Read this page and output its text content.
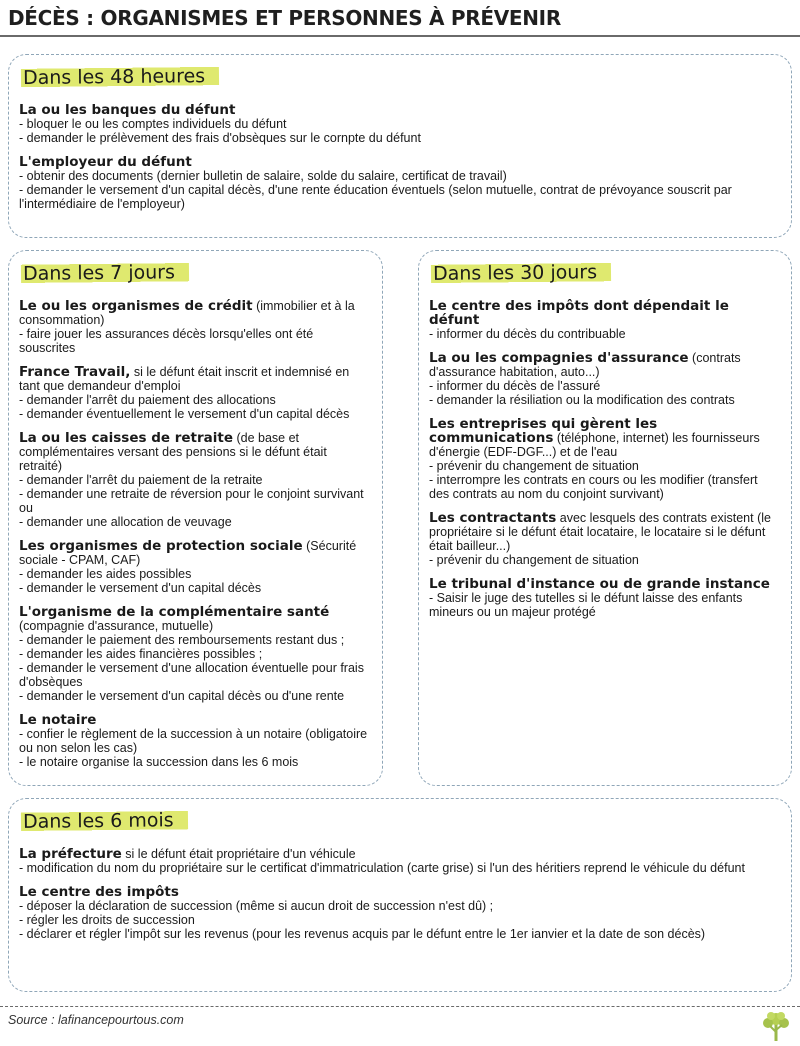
DÉCÈS : ORGANISMES ET PERSONNES À PRÉVENIR
Dans les 48 heures
La ou les banques du défunt
- bloquer le ou les comptes individuels du défunt
- demander le prélèvement des frais d'obsèques sur le cornpte du défunt
L'employeur du défunt
- obtenir des documents (dernier bulletin de salaire, solde du salaire, certificat de travail)
- demander le versement d'un capital décès, d'une rente éducation éventuels (selon mutuelle, contrat de prévoyance souscrit par l'intermédiaire de l'employeur)
Dans les 7 jours
Le ou les organismes de crédit (immobilier et à la consommation)
- faire jouer les assurances décès lorsqu'elles ont été souscrites
France Travail, si le défunt était inscrit et indemnisé en tant que demandeur d'emploi
- demander l'arrêt du paiement des allocations
- demander éventuellement le versement d'un capital décès
La ou les caisses de retraite (de base et complémentaires versant des pensions si le défunt était retraité)
- demander l'arrêt du paiement de la retraite
- demander une retraite de réversion pour le conjoint survivant ou
- demander une allocation de veuvage
Les organismes de protection sociale (Sécurité sociale - CPAM, CAF)
- demander les aides possibles
- demander le versement d'un capital décès
L'organisme de la complémentaire santé (compagnie d'assurance, mutuelle)
- demander le paiement des remboursements restant dus ;
- demander les aides financières possibles ;
- demander le versement d'une allocation éventuelle pour frais d'obsèques
- demander le versement d'un capital décès ou d'une rente
Le notaire
- confier le règlement de la succession à un notaire (obligatoire ou non selon les cas)
- le notaire organise la succession dans les 6 mois
Dans les 30 jours
Le centre des impôts dont dépendait le défunt
- informer du décès du contribuable
La ou les compagnies d'assurance (contrats d'assurance habitation, auto...)
- informer du décès de l'assuré
- demander la résiliation ou la modification des contrats
Les entreprises qui gèrent les communications (téléphone, internet) les fournisseurs d'énergie (EDF-DGF...) et de l'eau
- prévenir du changement de situation
- interrompre les contrats en cours ou les modifier (transfert des contrats au nom du conjoint survivant)
Les contractants avec lesquels des contrats existent (le propriétaire si le défunt était locataire, le locataire si le défunt était bailleur...)
- prévenir du changement de situation
Le tribunal d'instance ou de grande instance
- Saisir le juge des tutelles si le défunt laisse des enfants mineurs ou un majeur protégé
Dans les 6 mois
La préfecture si le défunt était propriétaire d'un véhicule
- modification du nom du propriétaire sur le certificat d'immatriculation (carte grise) si l'un des héritiers reprend le véhicule du défunt
Le centre des impôts
- déposer la déclaration de succession (même si aucun droit de succession n'est dû) ;
- régler les droits de succession
- déclarer et régler l'impôt sur les revenus (pour les revenus acquis par le défunt entre le 1er ianvier et la date de son décès)
Source : lafinancepourtous.com
